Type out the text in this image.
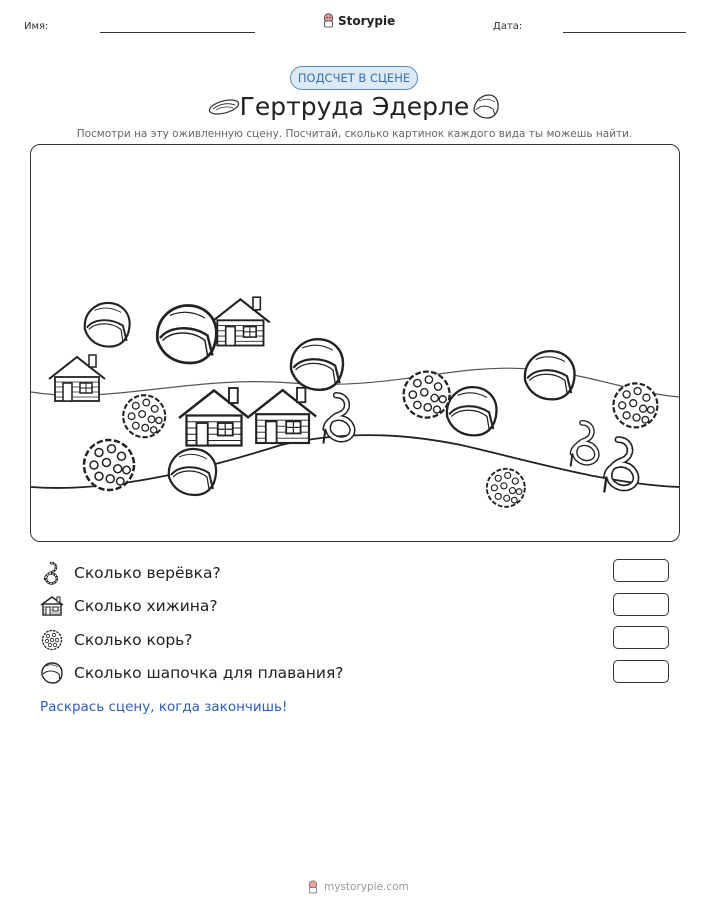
Имя:	Storypie	Дата:
ПОДСЧЕТ В СЦЕНЕ
Гертруда Эдерле
Посмотри на эту оживленную сцену. Посчитай, сколько картинок каждого вида ты можешь найти.
Сколько верёвка?
Сколько хижина?
Сколько корь?
Сколько шапочка для плавания?
Раскрась сцену, когда закончишь!
mystorypie.com
